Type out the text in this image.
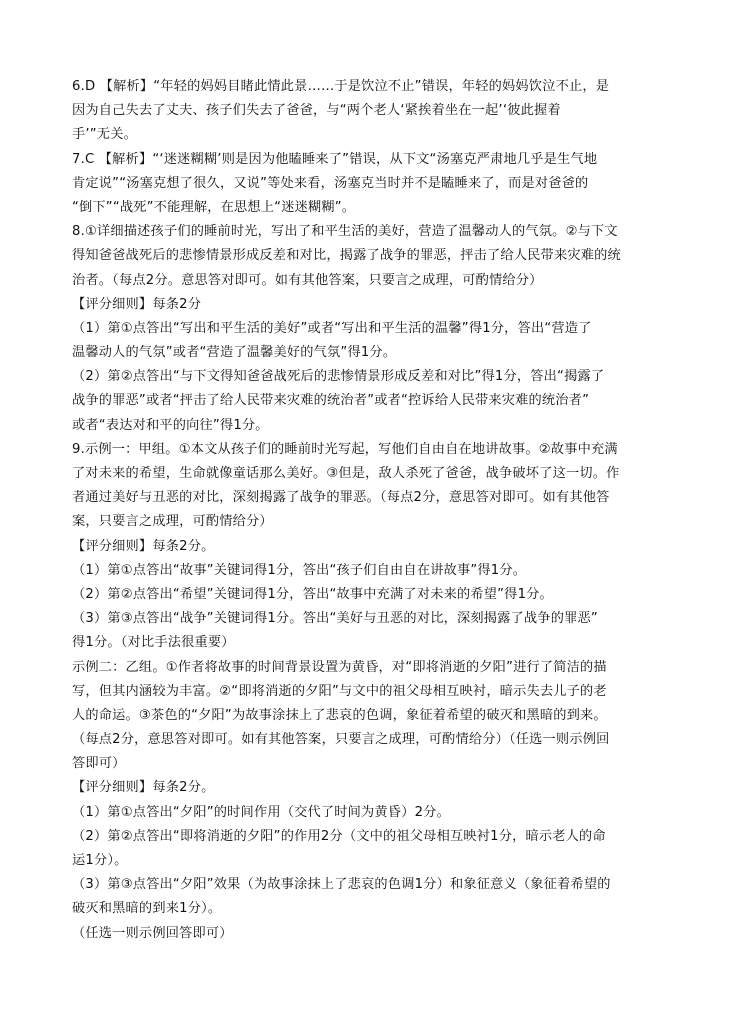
6.D 【解析】“年轻的妈妈目睹此情此景……于是饮泣不止”错误，年轻的妈妈饮泣不止，是
因为自己失去了丈夫、孩子们失去了爸爸，与“两个老人‘紧挨着坐在一起’‘彼此握着
手’”无关。
7.C 【解析】“‘迷迷糊糊’则是因为他瞌睡来了”错误，从下文“汤塞克严肃地几乎是生气地
肯定说”“汤塞克想了很久，又说”等处来看，汤塞克当时并不是瞌睡来了，而是对爸爸的
“倒下”“战死”不能理解，在思想上“迷迷糊糊”。
8.①详细描述孩子们的睡前时光，写出了和平生活的美好，营造了温馨动人的气氛。②与下文
得知爸爸战死后的悲惨情景形成反差和对比，揭露了战争的罪恶，抨击了给人民带来灾难的统
治者。（每点2分。意思答对即可。如有其他答案，只要言之成理，可酌情给分）
【评分细则】每条2分
（1）第①点答出“写出和平生活的美好”或者“写出和平生活的温馨”得1分，答出“营造了
温馨动人的气氛”或者“营造了温馨美好的气氛”得1分。
（2）第②点答出“与下文得知爸爸战死后的悲惨情景形成反差和对比”得1分，答出“揭露了
战争的罪恶”或者“抨击了给人民带来灾难的统治者”或者“控诉给人民带来灾难的统治者”
或者“表达对和平的向往”得1分。
9.示例一：甲组。①本文从孩子们的睡前时光写起，写他们自由自在地讲故事。②故事中充满
了对未来的希望，生命就像童话那么美好。③但是，敌人杀死了爸爸，战争破坏了这一切。作
者通过美好与丑恶的对比，深刻揭露了战争的罪恶。（每点2分，意思答对即可。如有其他答
案，只要言之成理，可酌情给分）
【评分细则】每条2分。
（1）第①点答出“故事”关键词得1分，答出“孩子们自由自在讲故事”得1分。
（2）第②点答出“希望”关键词得1分，答出“故事中充满了对未来的希望”得1分。
（3）第③点答出“战争”关键词得1分。答出“美好与丑恶的对比，深刻揭露了战争的罪恶”
得1分。（对比手法很重要）
示例二：乙组。①作者将故事的时间背景设置为黄昏，对“即将消逝的夕阳”进行了简洁的描
写，但其内涵较为丰富。②“即将消逝的夕阳”与文中的祖父母相互映衬，暗示失去儿子的老
人的命运。③茶色的“夕阳”为故事涂抹上了悲哀的色调，象征着希望的破灭和黑暗的到来。
（每点2分，意思答对即可。如有其他答案，只要言之成理，可酌情给分）（任选一则示例回
答即可）
【评分细则】每条2分。
（1）第①点答出“夕阳”的时间作用（交代了时间为黄昏）2分。
（2）第②点答出“即将消逝的夕阳”的作用2分（文中的祖父母相互映衬1分，暗示老人的命
运1分）。
（3）第③点答出“夕阳”效果（为故事涂抹上了悲哀的色调1分）和象征意义（象征着希望的
破灭和黑暗的到来1分）。
（任选一则示例回答即可）
